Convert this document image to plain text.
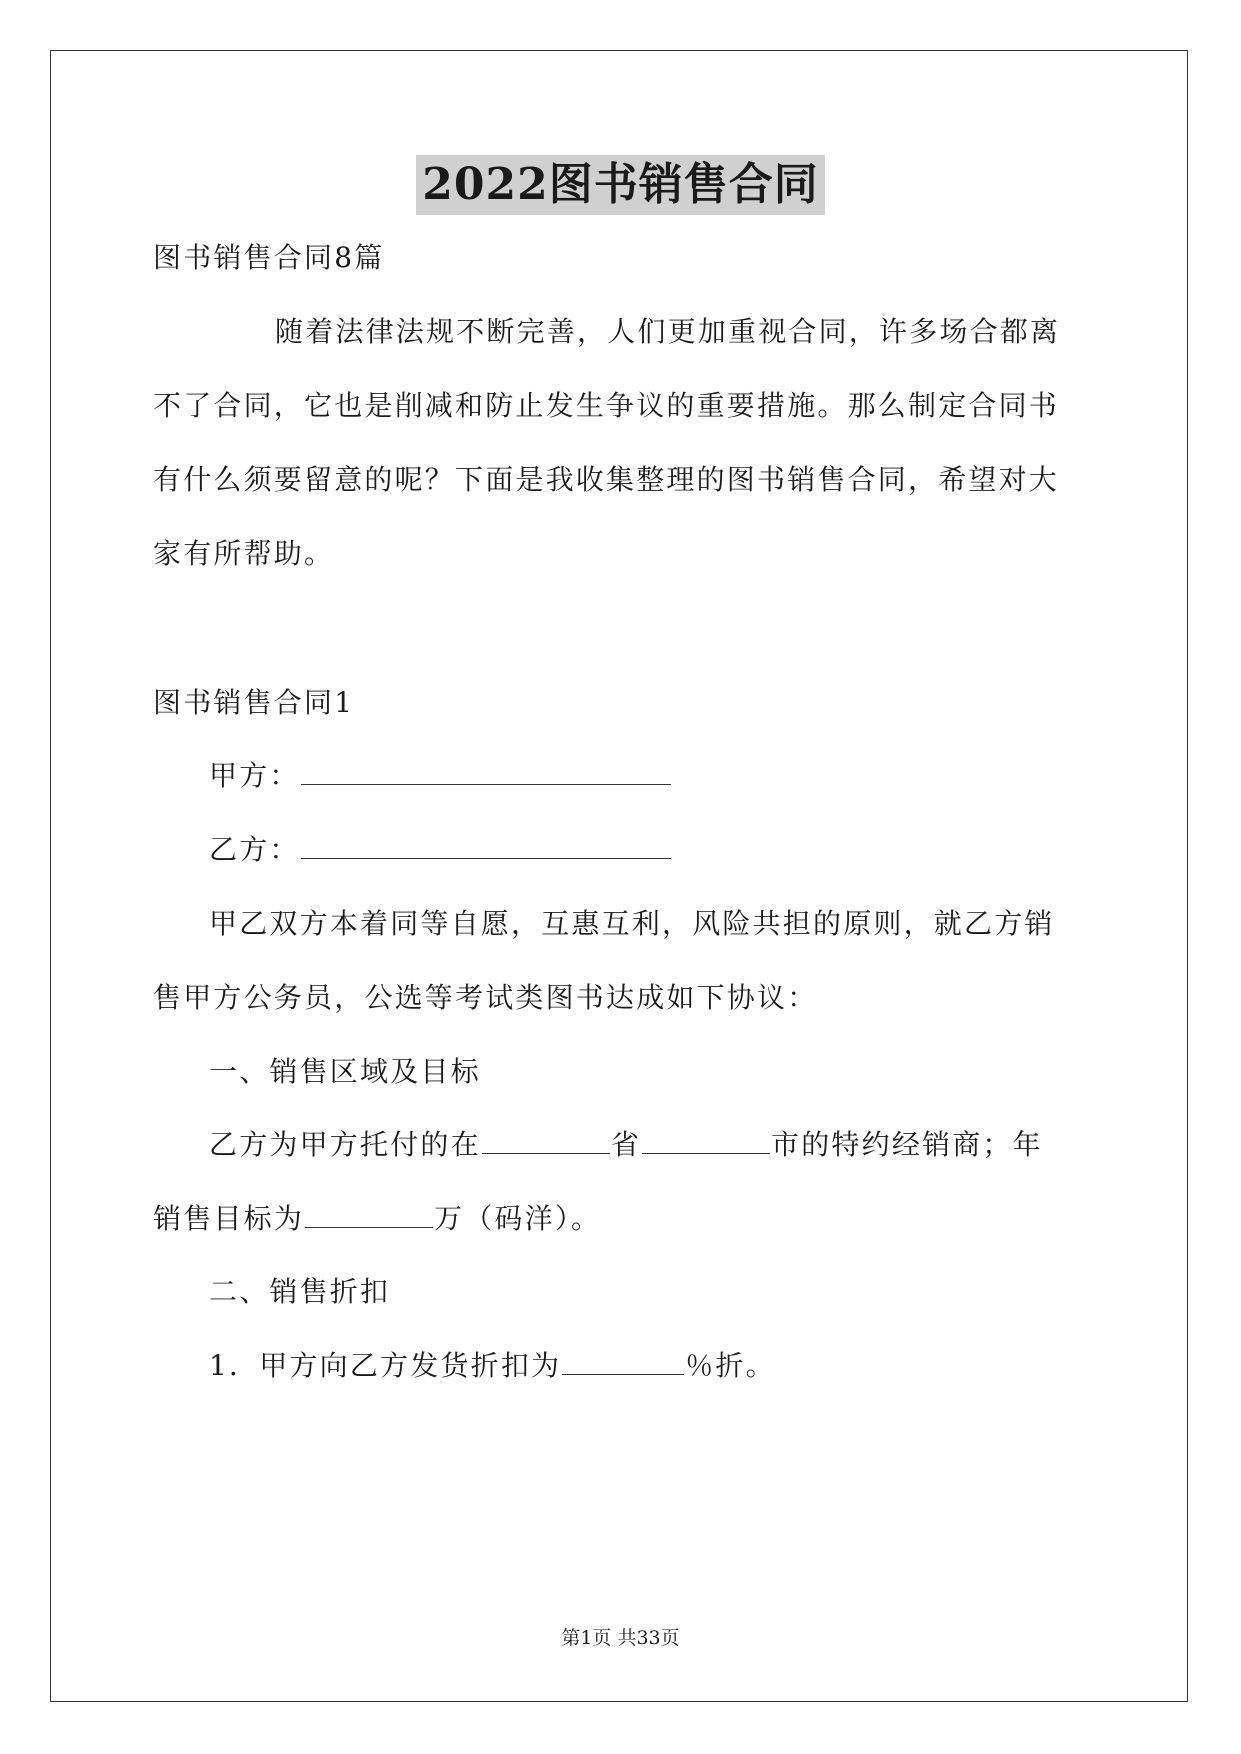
2022图书销售合同
图书销售合同8篇
随着法律法规不断完善，人们更加重视合同，许多场合都离
不了合同，它也是削减和防止发生争议的重要措施。那么制定合同书
有什么须要留意的呢？下面是我收集整理的图书销售合同，希望对大
家有所帮助。
图书销售合同1
甲方：
乙方：
甲乙双方本着同等自愿，互惠互利，风险共担的原则，就乙方销
售甲方公务员，公选等考试类图书达成如下协议：
一、销售区域及目标
乙方为甲方托付的在	省	市的特约经销商；年
销售目标为	万（码洋）。
二、销售折扣
1．甲方向乙方发货折扣为	％折。
第1页 共33页
